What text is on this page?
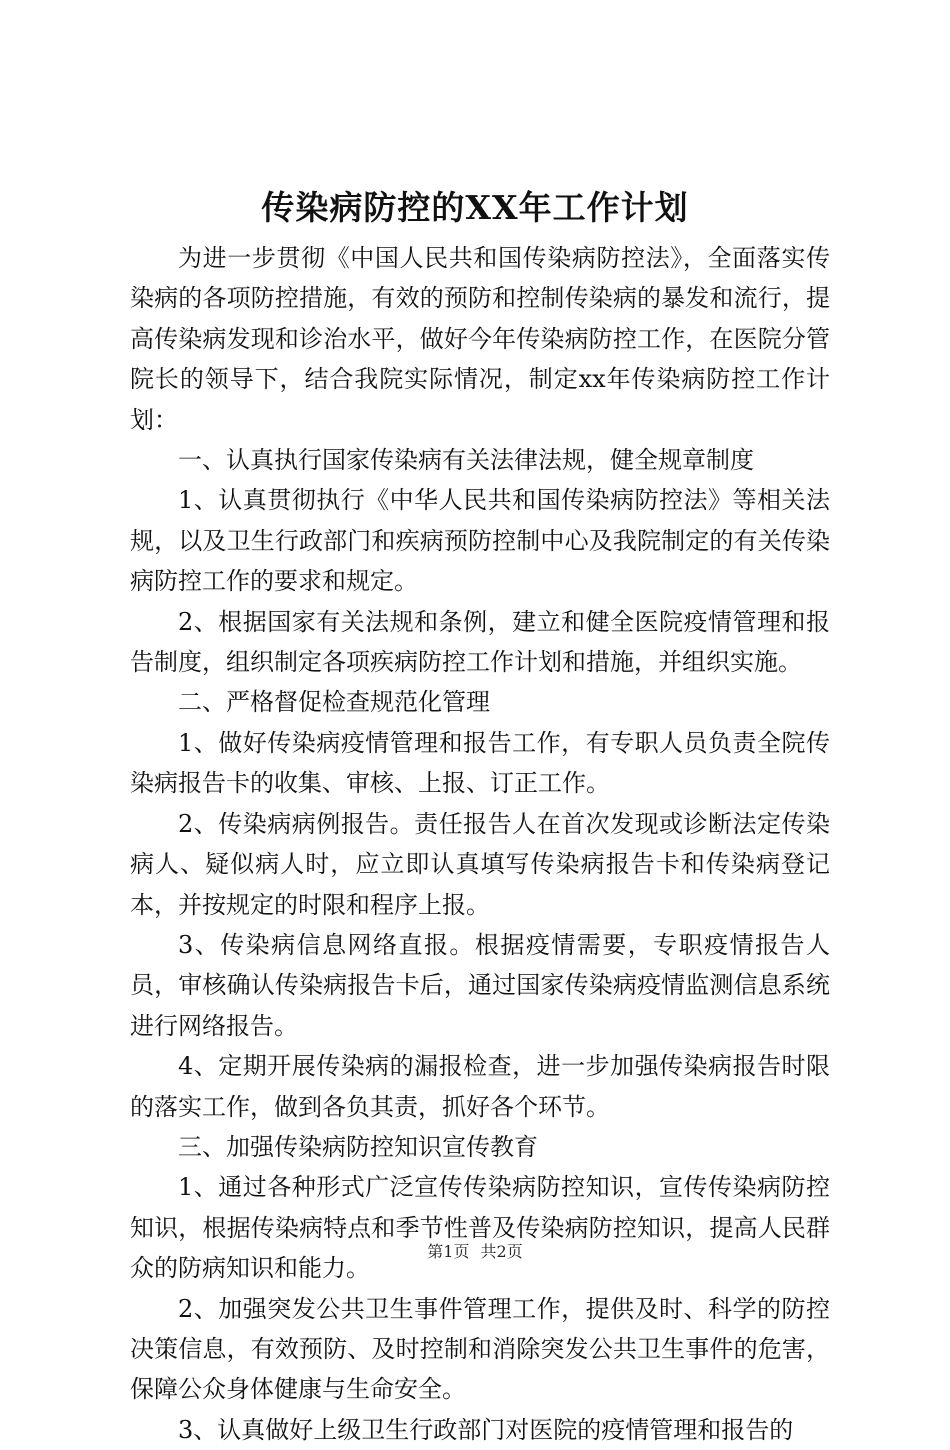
传染病防控的XX年工作计划

为进一步贯彻《中国人民共和国传染病防控法》，全面落实传染病的各项防控措施，有效的预防和控制传染病的暴发和流行，提高传染病发现和诊治水平，做好今年传染病防控工作，在医院分管院长的领导下，结合我院实际情况，制定xx年传染病防控工作计划：

一、认真执行国家传染病有关法律法规，健全规章制度

1、认真贯彻执行《中华人民共和国传染病防控法》等相关法规，以及卫生行政部门和疾病预防控制中心及我院制定的有关传染病防控工作的要求和规定。

2、根据国家有关法规和条例，建立和健全医院疫情管理和报告制度，组织制定各项疾病防控工作计划和措施，并组织实施。

二、严格督促检查规范化管理

1、做好传染病疫情管理和报告工作，有专职人员负责全院传染病报告卡的收集、审核、上报、订正工作。

2、传染病病例报告。责任报告人在首次发现或诊断法定传染病人、疑似病人时，应立即认真填写传染病报告卡和传染病登记本，并按规定的时限和程序上报。

3、传染病信息网络直报。根据疫情需要，专职疫情报告人员，审核确认传染病报告卡后，通过国家传染病疫情监测信息系统进行网络报告。

4、定期开展传染病的漏报检查，进一步加强传染病报告时限的落实工作，做到各负其责，抓好各个环节。

三、加强传染病防控知识宣传教育

1、通过各种形式广泛宣传传染病防控知识，宣传传染病防控知识，根据传染病特点和季节性普及传染病防控知识，提高人民群众的防病知识和能力。

2、加强突发公共卫生事件管理工作，提供及时、科学的防控决策信息，有效预防、及时控制和消除突发公共卫生事件的危害，保障公众身体健康与生命安全。

3、认真做好上级卫生行政部门对医院的疫情管理和报告的

第1页 共2页
